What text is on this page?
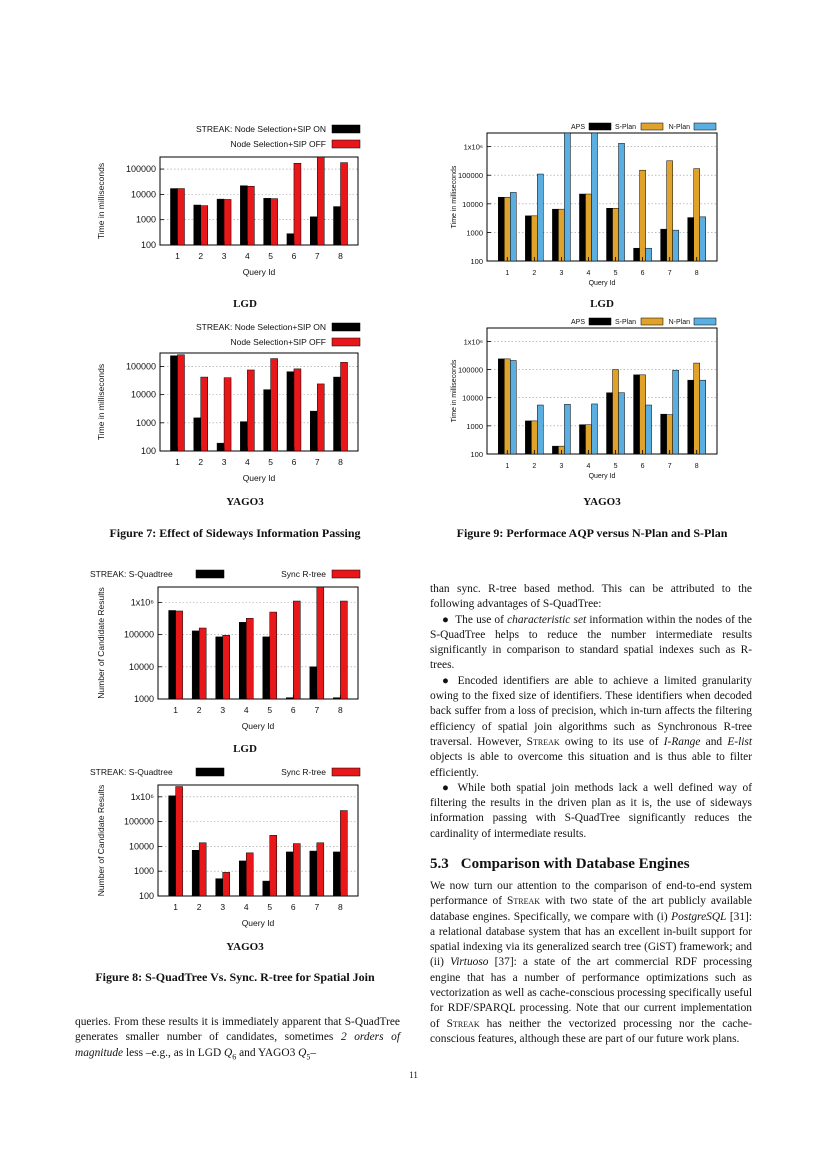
100
1000
10000
100000
1 2 3 4 5 6 7 8
Query Id
Time in milliseconds
STREAK: Node Selection+SIP ON
Node Selection+SIP OFF
LGD
100
1000
10000
100000
1 2 3 4 5 6 7 8
Query Id
Time in milliseconds
STREAK: Node Selection+SIP ON
Node Selection+SIP OFF
YAGO3
Figure 7: Effect of Sideways Information Passing
100
1000
10000
100000
1x10⁶
1	2	3	4	5	6	7	8
Query Id
Time in milliseconds
APS	S-Plan	N-Plan
LGD
100
1000
10000
100000
1x10⁶
1	2	3	4	5	6	7	8
Query Id
Time in milliseconds
APS	S-Plan	N-Plan
YAGO3
Figure 9: Performace AQP versus N-Plan and S-Plan
1000
10000
100000
1x10⁶
1 2 3 4 5 6 7 8
Query Id
Number of Candidate Results
STREAK: S-Quadtree	Sync R-tree
LGD
100
1000
10000
100000
1x10⁶
1 2 3 4 5 6 7 8
Query Id
Number of Candidate Results
STREAK: S-Quadtree	Sync R-tree
YAGO3
Figure 8: S-QuadTree Vs. Sync. R-tree for Spatial Join

queries. From these results it is immediately apparent that S-QuadTree generates smaller number of candidates, sometimes 2 orders of magnitude less –e.g., as in LGD $Q_6$ and YAGO3 $Q_5-$

than sync. R-tree based method. This can be attributed to the following advantages of S-QuadTree:

● The use of characteristic set information within the nodes of the S-QuadTree helps to reduce the number intermediate results significantly in comparison to standard spatial indexes such as R-trees.

● Encoded identifiers are able to achieve a limited granularity owing to the fixed size of identifiers. These identifiers when decoded back suffer from a loss of precision, which in-turn affects the filtering efficiency of spatial join algorithms such as Synchronous R-tree traversal. However, Streak owing to its use of I-Range and E-list objects is able to overcome this situation and is thus able to filter efficiently.

● While both spatial join methods lack a well defined way of filtering the results in the driven plan as it is, the use of sideways information passing with S-QuadTree significantly reduces the cardinality of intermediate results.

5.3 Comparison with Database Engines

We now turn our attention to the comparison of end-to-end system performance of Streak with two state of the art publicly available database engines. Specifically, we compare with (i) PostgreSQL [31]: a relational database system that has an excellent in-built support for spatial indexing via its generalized search tree (GiST) framework; and (ii) Virtuoso [37]: a state of the art commercial RDF processing engine that has a number of performance optimizations such as vectorization as well as cache-conscious processing specifically useful for RDF/SPARQL processing. Note that our current implementation of Streak has neither the vectorized processing nor the cache-conscious features, although these are part of our future work plans.

11
